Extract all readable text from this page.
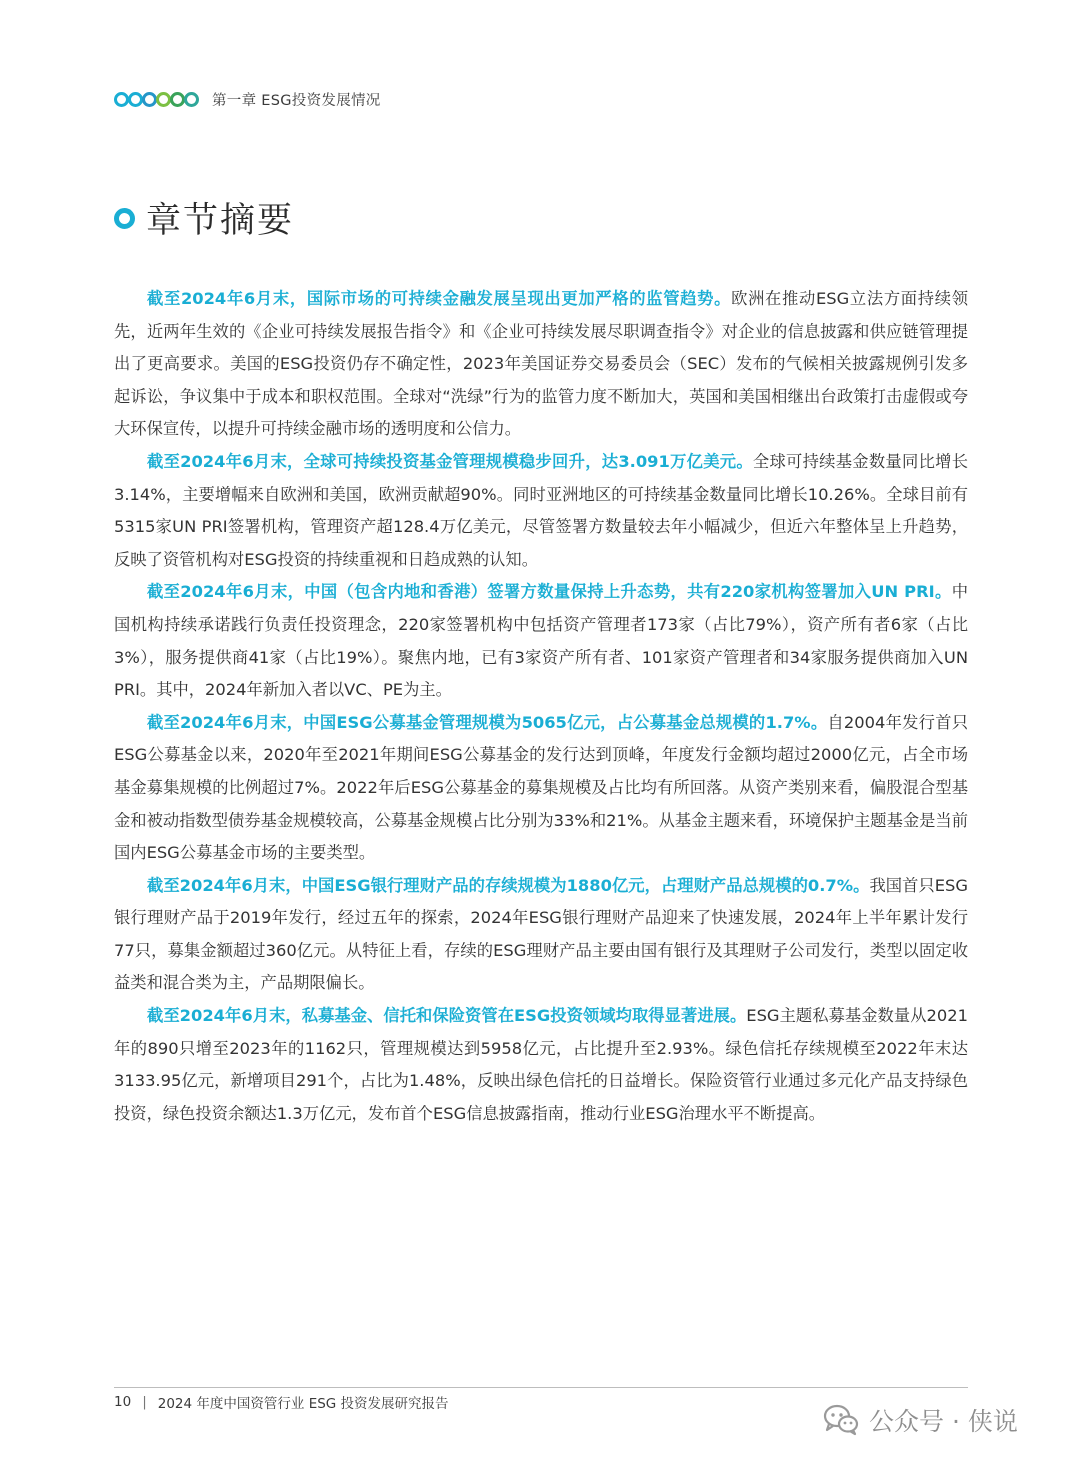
第一章 ESG投资发展情况
章节摘要

截至2024年6月末，国际市场的可持续金融发展呈现出更加严格的监管趋势。欧洲在推动ESG立法方面持续领先，近两年生效的《企业可持续发展报告指令》和《企业可持续发展尽职调查指令》对企业的信息披露和供应链管理提出了更高要求。美国的ESG投资仍存不确定性，2023年美国证券交易委员会（SEC）发布的气候相关披露规例引发多起诉讼，争议集中于成本和职权范围。全球对“洗绿”行为的监管力度不断加大，英国和美国相继出台政策打击虚假或夸大环保宣传，以提升可持续金融市场的透明度和公信力。

截至2024年6月末，全球可持续投资基金管理规模稳步回升，达3.091万亿美元。全球可持续基金数量同比增长3.14%，主要增幅来自欧洲和美国，欧洲贡献超90%。同时亚洲地区的可持续基金数量同比增长10.26%。全球目前有5315家UN PRI签署机构，管理资产超128.4万亿美元，尽管签署方数量较去年小幅减少，但近六年整体呈上升趋势，反映了资管机构对ESG投资的持续重视和日趋成熟的认知。

截至2024年6月末，中国（包含内地和香港）签署方数量保持上升态势，共有220家机构签署加入UN PRI。中国机构持续承诺践行负责任投资理念，220家签署机构中包括资产管理者173家（占比79%），资产所有者6家（占比3%），服务提供商41家（占比19%）。聚焦内地，已有3家资产所有者、101家资产管理者和34家服务提供商加入UN PRI。其中，2024年新加入者以VC、PE为主。

截至2024年6月末，中国ESG公募基金管理规模为5065亿元，占公募基金总规模的1.7%。自2004年发行首只ESG公募基金以来，2020年至2021年期间ESG公募基金的发行达到顶峰，年度发行金额均超过2000亿元，占全市场基金募集规模的比例超过7%。2022年后ESG公募基金的募集规模及占比均有所回落。从资产类别来看，偏股混合型基金和被动指数型债券基金规模较高，公募基金规模占比分别为33%和21%。从基金主题来看，环境保护主题基金是当前国内ESG公募基金市场的主要类型。

截至2024年6月末，中国ESG银行理财产品的存续规模为1880亿元，占理财产品总规模的0.7%。我国首只ESG银行理财产品于2019年发行，经过五年的探索，2024年ESG银行理财产品迎来了快速发展，2024年上半年累计发行77只，募集金额超过360亿元。从特征上看，存续的ESG理财产品主要由国有银行及其理财子公司发行，类型以固定收益类和混合类为主，产品期限偏长。

截至2024年6月末，私募基金、信托和保险资管在ESG投资领域均取得显著进展。ESG主题私募基金数量从2021年的890只增至2023年的1162只，管理规模达到5958亿元，占比提升至2.93%。绿色信托存续规模至2022年末达3133.95亿元，新增项目291个，占比为1.48%，反映出绿色信托的日益增长。保险资管行业通过多元化产品支持绿色投资，绿色投资余额达1.3万亿元，发布首个ESG信息披露指南，推动行业ESG治理水平不断提高。

10 | 2024 年度中国资管行业 ESG 投资发展研究报告
公众号 · 侠说
